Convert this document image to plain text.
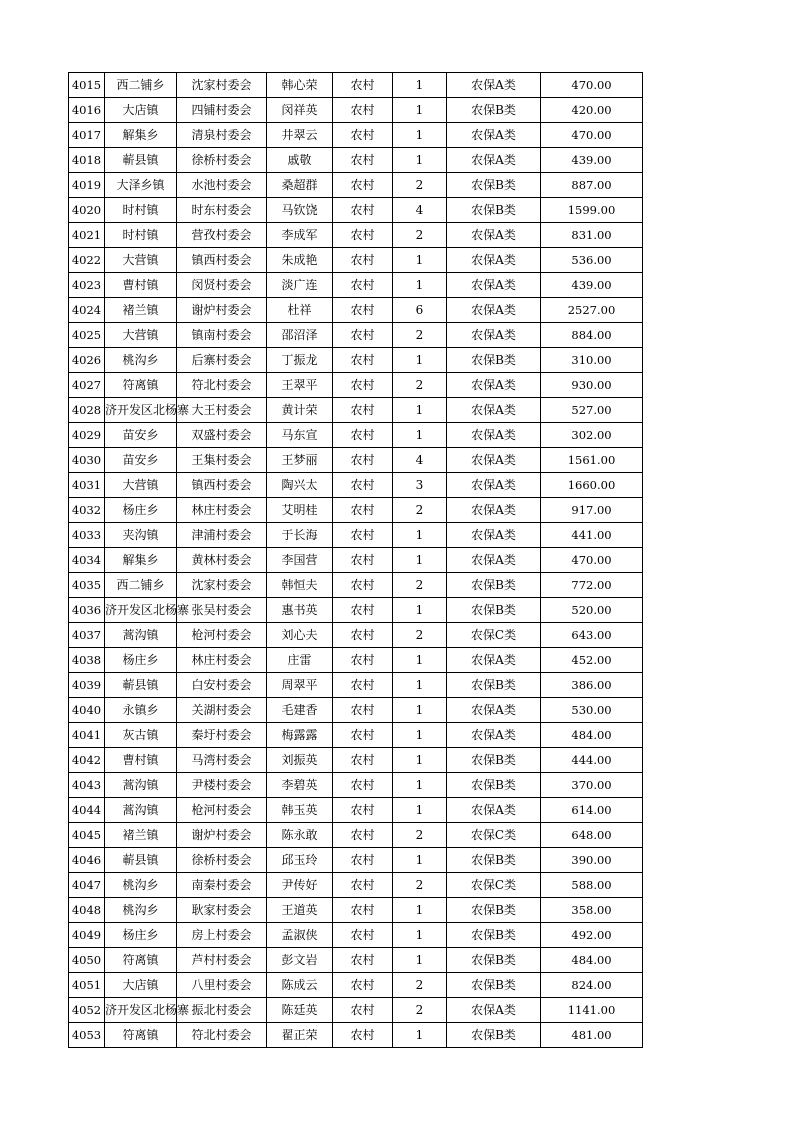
4015	西二铺乡	沈家村委会	韩心荣	农村	1	农保A类	470.00
4016	大店镇	四铺村委会	闵祥英	农村	1	农保B类	420.00
4017	解集乡	清泉村委会	井翠云	农村	1	农保A类	470.00
4018	蕲县镇	徐桥村委会	戚敬	农村	1	农保A类	439.00
4019	大泽乡镇	水池村委会	桑超群	农村	2	农保B类	887.00
4020	时村镇	时东村委会	马钦饶	农村	4	农保B类	1599.00
4021	时村镇	营孜村委会	李成军	农村	2	农保A类	831.00
4022	大营镇	镇西村委会	朱成艳	农村	1	农保A类	536.00
4023	曹村镇	闵贤村委会	淡广连	农村	1	农保A类	439.00
4024	褚兰镇	谢炉村委会	杜祥	农村	6	农保A类	2527.00
4025	大营镇	镇南村委会	邵沼泽	农村	2	农保A类	884.00
4026	桃沟乡	后寨村委会	丁振龙	农村	1	农保B类	310.00
4027	符离镇	符北村委会	王翠平	农村	2	农保A类	930.00
4028	济开发区北杨寨	大王村委会	黄计荣	农村	1	农保A类	527.00
4029	苗安乡	双盛村委会	马东宣	农村	1	农保A类	302.00
4030	苗安乡	王集村委会	王梦丽	农村	4	农保A类	1561.00
4031	大营镇	镇西村委会	陶兴太	农村	3	农保A类	1660.00
4032	杨庄乡	林庄村委会	艾明桂	农村	2	农保A类	917.00
4033	夹沟镇	津浦村委会	于长海	农村	1	农保A类	441.00
4034	解集乡	黄林村委会	李国营	农村	1	农保A类	470.00
4035	西二铺乡	沈家村委会	韩恒夫	农村	2	农保B类	772.00
4036	济开发区北杨寨	张吴村委会	惠书英	农村	1	农保B类	520.00
4037	蒿沟镇	枪河村委会	刘心夫	农村	2	农保C类	643.00
4038	杨庄乡	林庄村委会	庄雷	农村	1	农保A类	452.00
4039	蕲县镇	白安村委会	周翠平	农村	1	农保B类	386.00
4040	永镇乡	关湖村委会	毛建香	农村	1	农保A类	530.00
4041	灰古镇	秦圩村委会	梅露露	农村	1	农保A类	484.00
4042	曹村镇	马湾村委会	刘振英	农村	1	农保B类	444.00
4043	蒿沟镇	尹楼村委会	李碧英	农村	1	农保B类	370.00
4044	蒿沟镇	枪河村委会	韩玉英	农村	1	农保A类	614.00
4045	褚兰镇	谢炉村委会	陈永敢	农村	2	农保C类	648.00
4046	蕲县镇	徐桥村委会	邱玉玲	农村	1	农保B类	390.00
4047	桃沟乡	南秦村委会	尹传好	农村	2	农保C类	588.00
4048	桃沟乡	耿家村委会	王道英	农村	1	农保B类	358.00
4049	杨庄乡	房上村委会	孟淑侠	农村	1	农保B类	492.00
4050	符离镇	芦村村委会	彭文岩	农村	1	农保B类	484.00
4051	大店镇	八里村委会	陈成云	农村	2	农保B类	824.00
4052	济开发区北杨寨	振北村委会	陈廷英	农村	2	农保A类	1141.00
4053	符离镇	符北村委会	翟正荣	农村	1	农保B类	481.00
